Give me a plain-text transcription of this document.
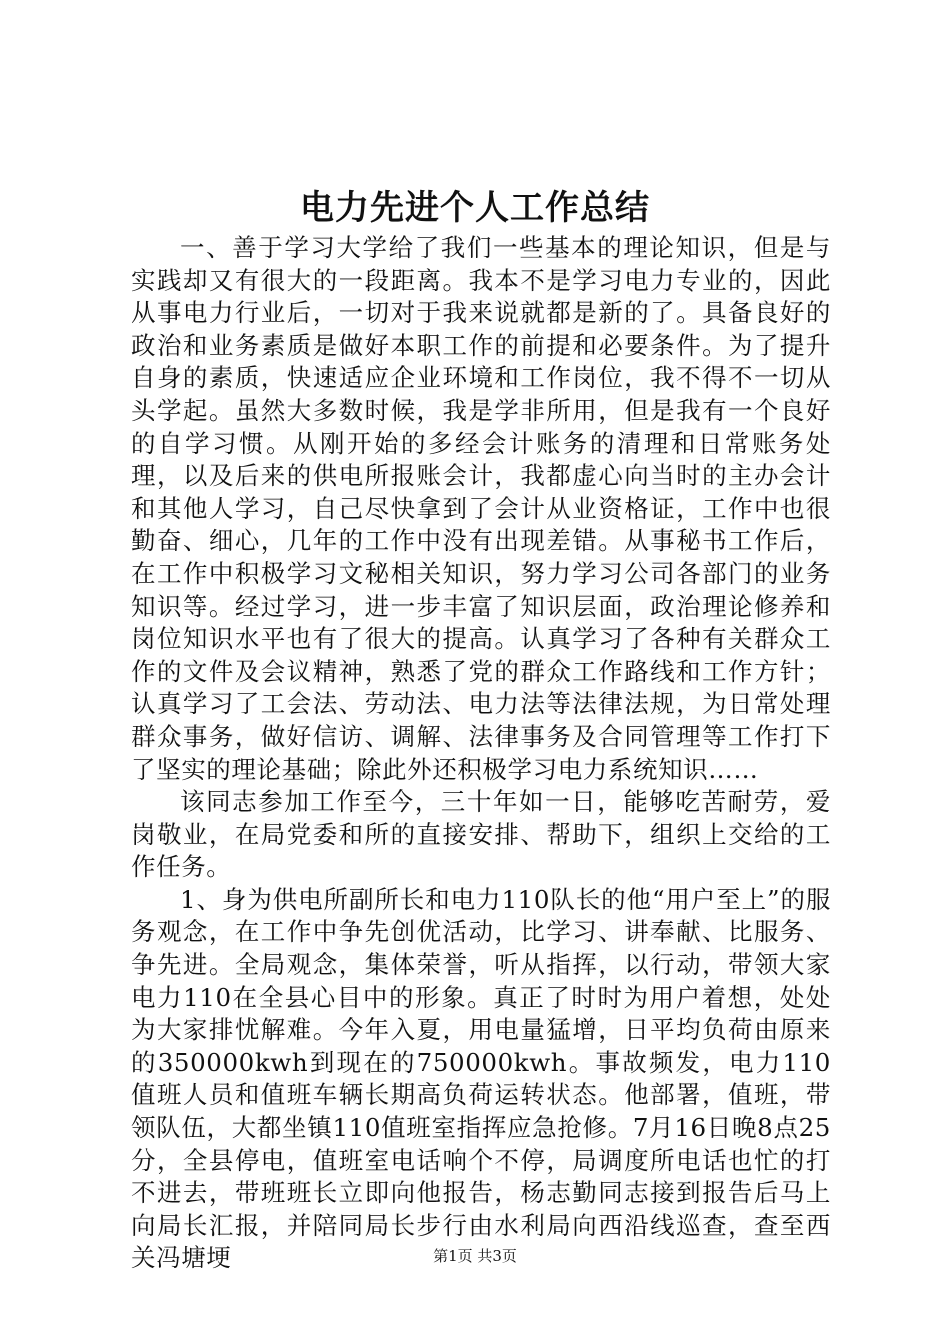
电力先进个人工作总结

一、善于学习大学给了我们一些基本的理论知识，但是与实践却又有很大的一段距离。我本不是学习电力专业的，因此从事电力行业后，一切对于我来说就都是新的了。具备良好的政治和业务素质是做好本职工作的前提和必要条件。为了提升自身的素质，快速适应企业环境和工作岗位，我不得不一切从头学起。虽然大多数时候，我是学非所用，但是我有一个良好的自学习惯。从刚开始的多经会计账务的清理和日常账务处理，以及后来的供电所报账会计，我都虚心向当时的主办会计和其他人学习，自己尽快拿到了会计从业资格证，工作中也很勤奋、细心，几年的工作中没有出现差错。从事秘书工作后，在工作中积极学习文秘相关知识，努力学习公司各部门的业务知识等。经过学习，进一步丰富了知识层面，政治理论修养和岗位知识水平也有了很大的提高。认真学习了各种有关群众工作的文件及会议精神，熟悉了党的群众工作路线和工作方针；认真学习了工会法、劳动法、电力法等法律法规，为日常处理群众事务，做好信访、调解、法律事务及合同管理等工作打下了坚实的理论基础；除此外还积极学习电力系统知识……

该同志参加工作至今，三十年如一日，能够吃苦耐劳，爱岗敬业，在局党委和所的直接安排、帮助下，组织上交给的工作任务。

1、身为供电所副所长和电力110队长的他“用户至上”的服务观念，在工作中争先创优活动，比学习、讲奉献、比服务、争先进。全局观念，集体荣誉，听从指挥，以行动，带领大家电力110在全县心目中的形象。真正了时时为用户着想，处处为大家排忧解难。今年入夏，用电量猛增，日平均负荷由原来的350000kwh到现在的750000kwh。事故频发，电力110值班人员和值班车辆长期高负荷运转状态。他部署，值班，带领队伍，大都坐镇110值班室指挥应急抢修。7月16日晚8点25分，全县停电，值班室电话响个不停，局调度所电话也忙的打不进去，带班班长立即向他报告，杨志勤同志接到报告后马上向局长汇报，并陪同局长步行由水利局向西沿线巡查，查至西关冯塘埂	第1页 共3页
